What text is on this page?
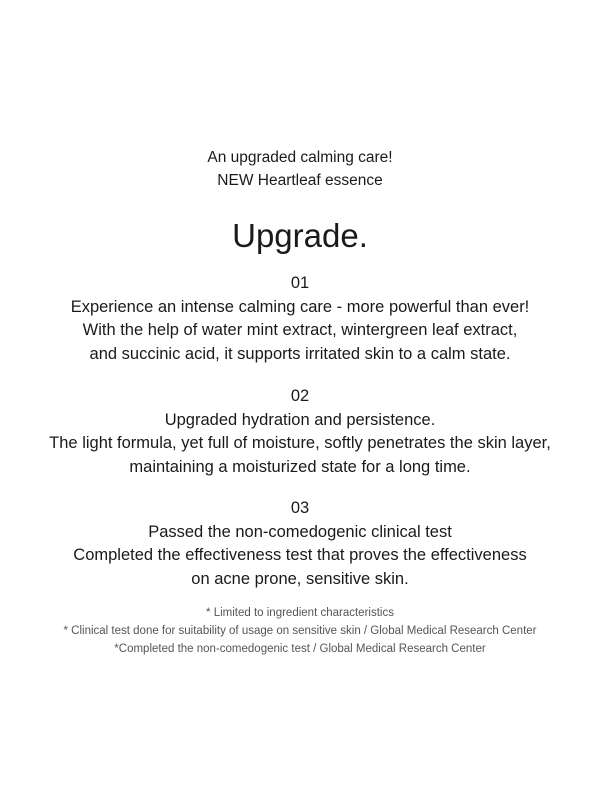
An upgraded calming care!
NEW Heartleaf essence
Upgrade.
01
Experience an intense calming care - more powerful than ever!
With the help of water mint extract, wintergreen leaf extract,
and succinic acid, it supports irritated skin to a calm state.
02
Upgraded hydration and persistence.
The light formula, yet full of moisture, softly penetrates the skin layer,
maintaining a moisturized state for a long time.
03
Passed the non-comedogenic clinical test
Completed the effectiveness test that proves the effectiveness
on acne prone, sensitive skin.
* Limited to ingredient characteristics
* Clinical test done for suitability of usage on sensitive skin / Global Medical Research Center
*Completed the non-comedogenic test / Global Medical Research Center
